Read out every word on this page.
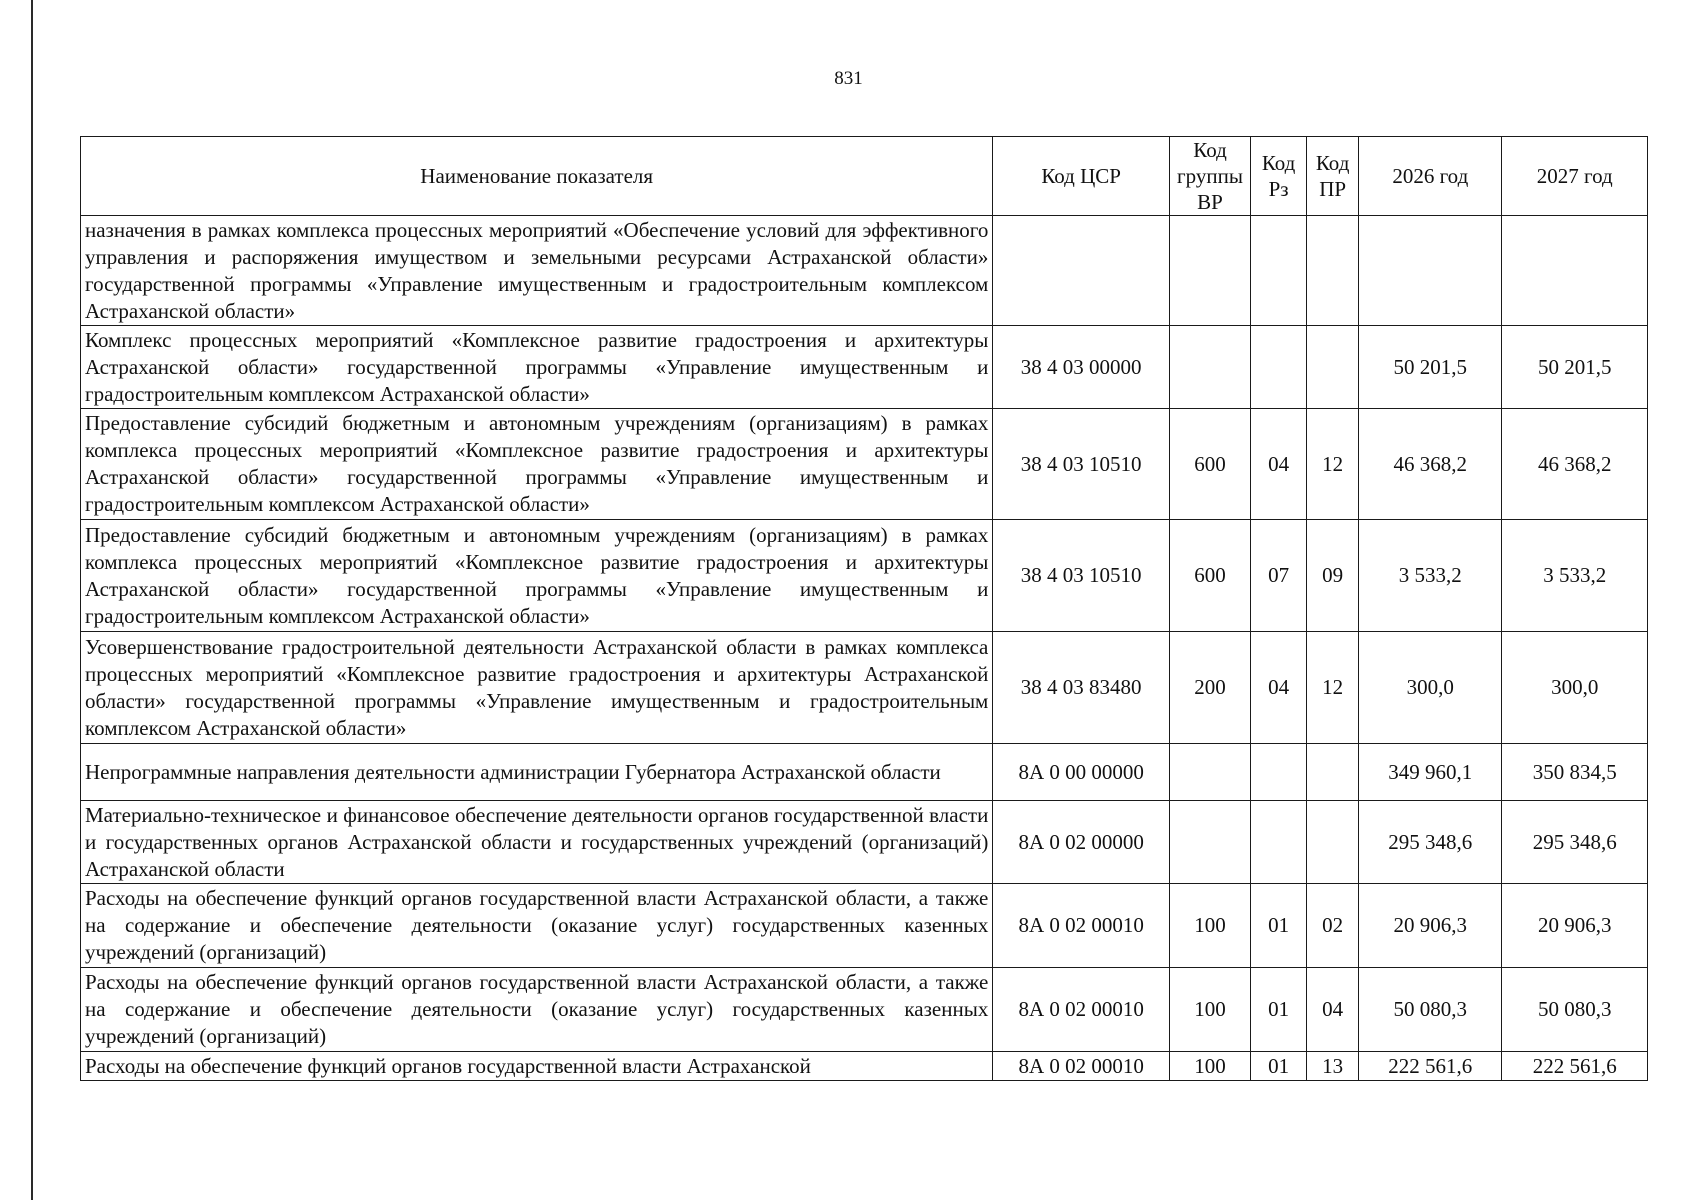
831
Наименование показателя	Код ЦСР	Код группы ВР	Код Рз	Код ПР	2026 год	2027 год
назначения в рамках комплекса процессных мероприятий «Обеспечение условий для эффективного управления и распоряжения имуществом и земельными ресурсами Астраханской области» государственной программы «Управление имущественным и градостроительным комплексом Астраханской области»						
Комплекс процессных мероприятий «Комплексное развитие градостроения и архитектуры Астраханской области» государственной программы «Управление имущественным и градостроительным комплексом Астраханской области»	38 4 03 00000				50 201,5	50 201,5
Предоставление субсидий бюджетным и автономным учреждениям (организациям) в рамках комплекса процессных мероприятий «Комплексное развитие градостроения и архитектуры Астраханской области» государственной программы «Управление имущественным и градостроительным комплексом Астраханской области»	38 4 03 10510	600	04	12	46 368,2	46 368,2
Предоставление субсидий бюджетным и автономным учреждениям (организациям) в рамках комплекса процессных мероприятий «Комплексное развитие градостроения и архитектуры Астраханской области» государственной программы «Управление имущественным и градостроительным комплексом Астраханской области»	38 4 03 10510	600	07	09	3 533,2	3 533,2
Усовершенствование градостроительной деятельности Астраханской области в рамках комплекса процессных мероприятий «Комплексное развитие градостроения и архитектуры Астраханской области» государственной программы «Управление имущественным и градостроительным комплексом Астраханской области»	38 4 03 83480	200	04	12	300,0	300,0
Непрограммные направления деятельности администрации Губернатора Астраханской области	8А 0 00 00000				349 960,1	350 834,5
Материально-техническое и финансовое обеспечение деятельности органов государственной власти и государственных органов Астраханской области и государственных учреждений (организаций) Астраханской области	8А 0 02 00000				295 348,6	295 348,6
Расходы на обеспечение функций органов государственной власти Астраханской области, а также на содержание и обеспечение деятельности (оказание услуг) государственных казенных учреждений (организаций)	8А 0 02 00010	100	01	02	20 906,3	20 906,3
Расходы на обеспечение функций органов государственной власти Астраханской области, а также на содержание и обеспечение деятельности (оказание услуг) государственных казенных учреждений (организаций)	8А 0 02 00010	100	01	04	50 080,3	50 080,3
Расходы на обеспечение функций органов государственной власти Астраханской	8А 0 02 00010	100	01	13	222 561,6	222 561,6
